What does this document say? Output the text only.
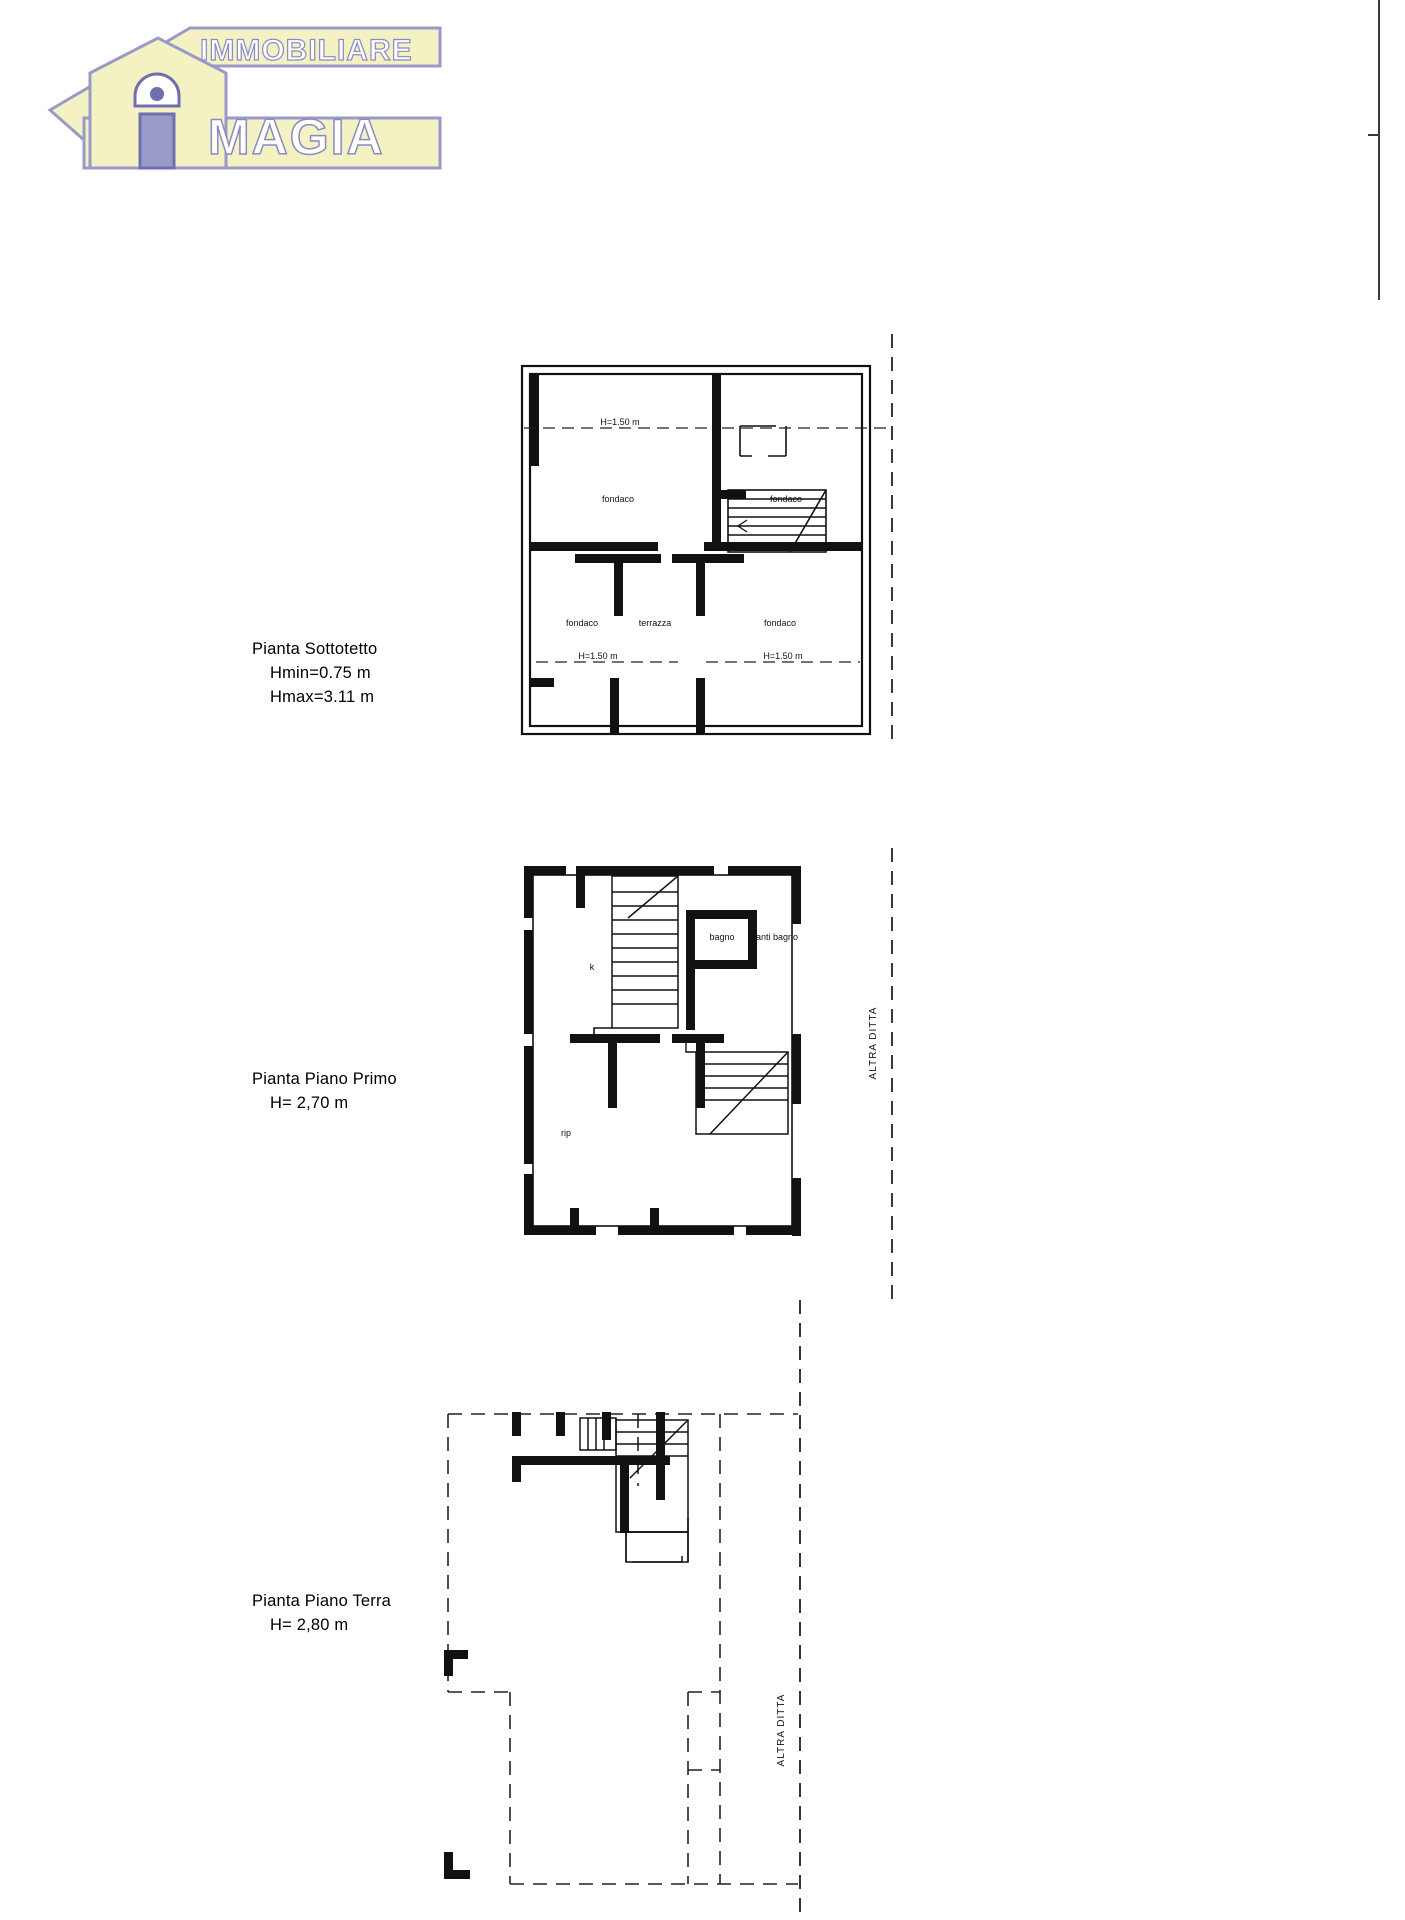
IMMOBILIARE
MAGIA
Pianta Sottotetto
Hmin=0.75 m
Hmax=3.11 m
H=1.50 m
fondaco	fondaco
fondaco	terrazza	fondaco
H=1.50 m	H=1.50 m
Pianta Piano Primo
H= 2,70 m
k
bagno anti bagno
rip
ALTRA DITTA
Pianta Piano Terra
H= 2,80 m
ALTRA DITTA
